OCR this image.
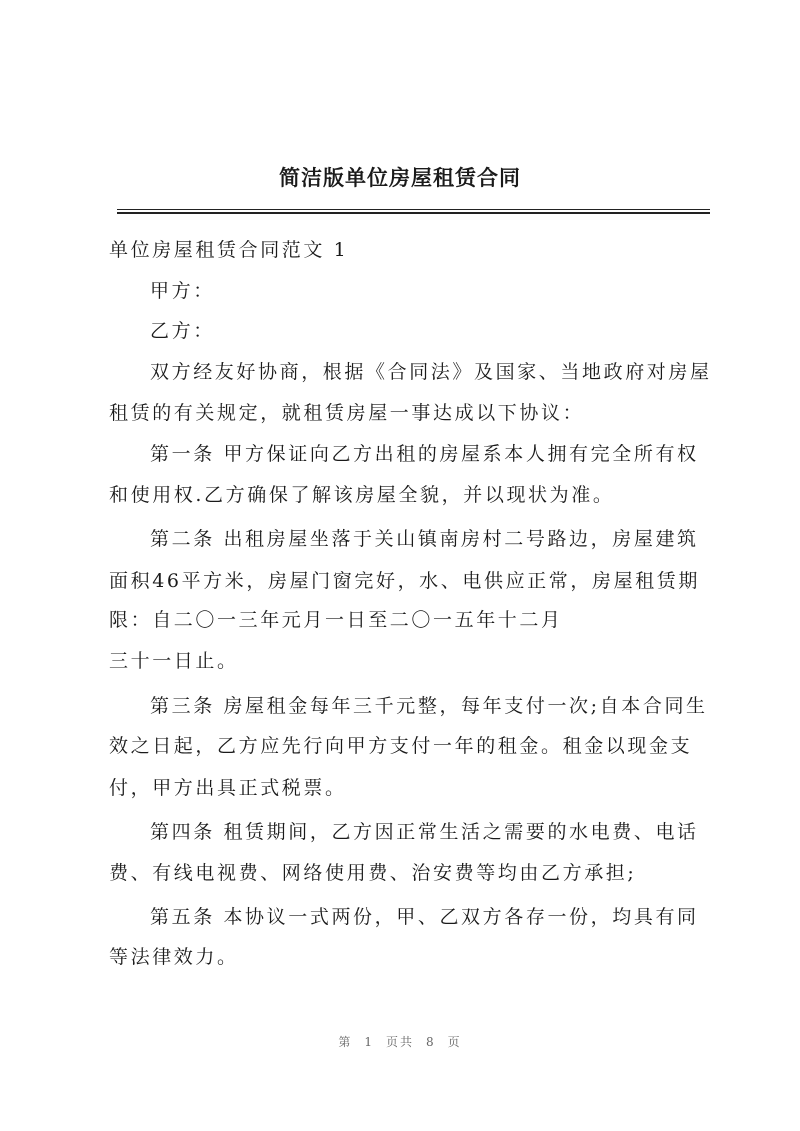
简洁版单位房屋租赁合同

单位房屋租赁合同范文 1

甲方：

乙方：

双方经友好协商，根据《合同法》及国家、当地政府对房屋

租赁的有关规定，就租赁房屋一事达成以下协议：

第一条 甲方保证向乙方出租的房屋系本人拥有完全所有权

和使用权.乙方确保了解该房屋全貌，并以现状为准。

第二条 出租房屋坐落于关山镇南房村二号路边，房屋建筑

面积46平方米，房屋门窗完好，水、电供应正常，房屋租赁期

限：自二〇一三年元月一日至二〇一五年十二月

三十一日止。

第三条 房屋租金每年三千元整，每年支付一次;自本合同生

效之日起，乙方应先行向甲方支付一年的租金。租金以现金支

付，甲方出具正式税票。

第四条 租赁期间，乙方因正常生活之需要的水电费、电话

费、有线电视费、网络使用费、治安费等均由乙方承担;

第五条 本协议一式两份，甲、乙双方各存一份，均具有同

等法律效力。

第 1 页共 8 页
